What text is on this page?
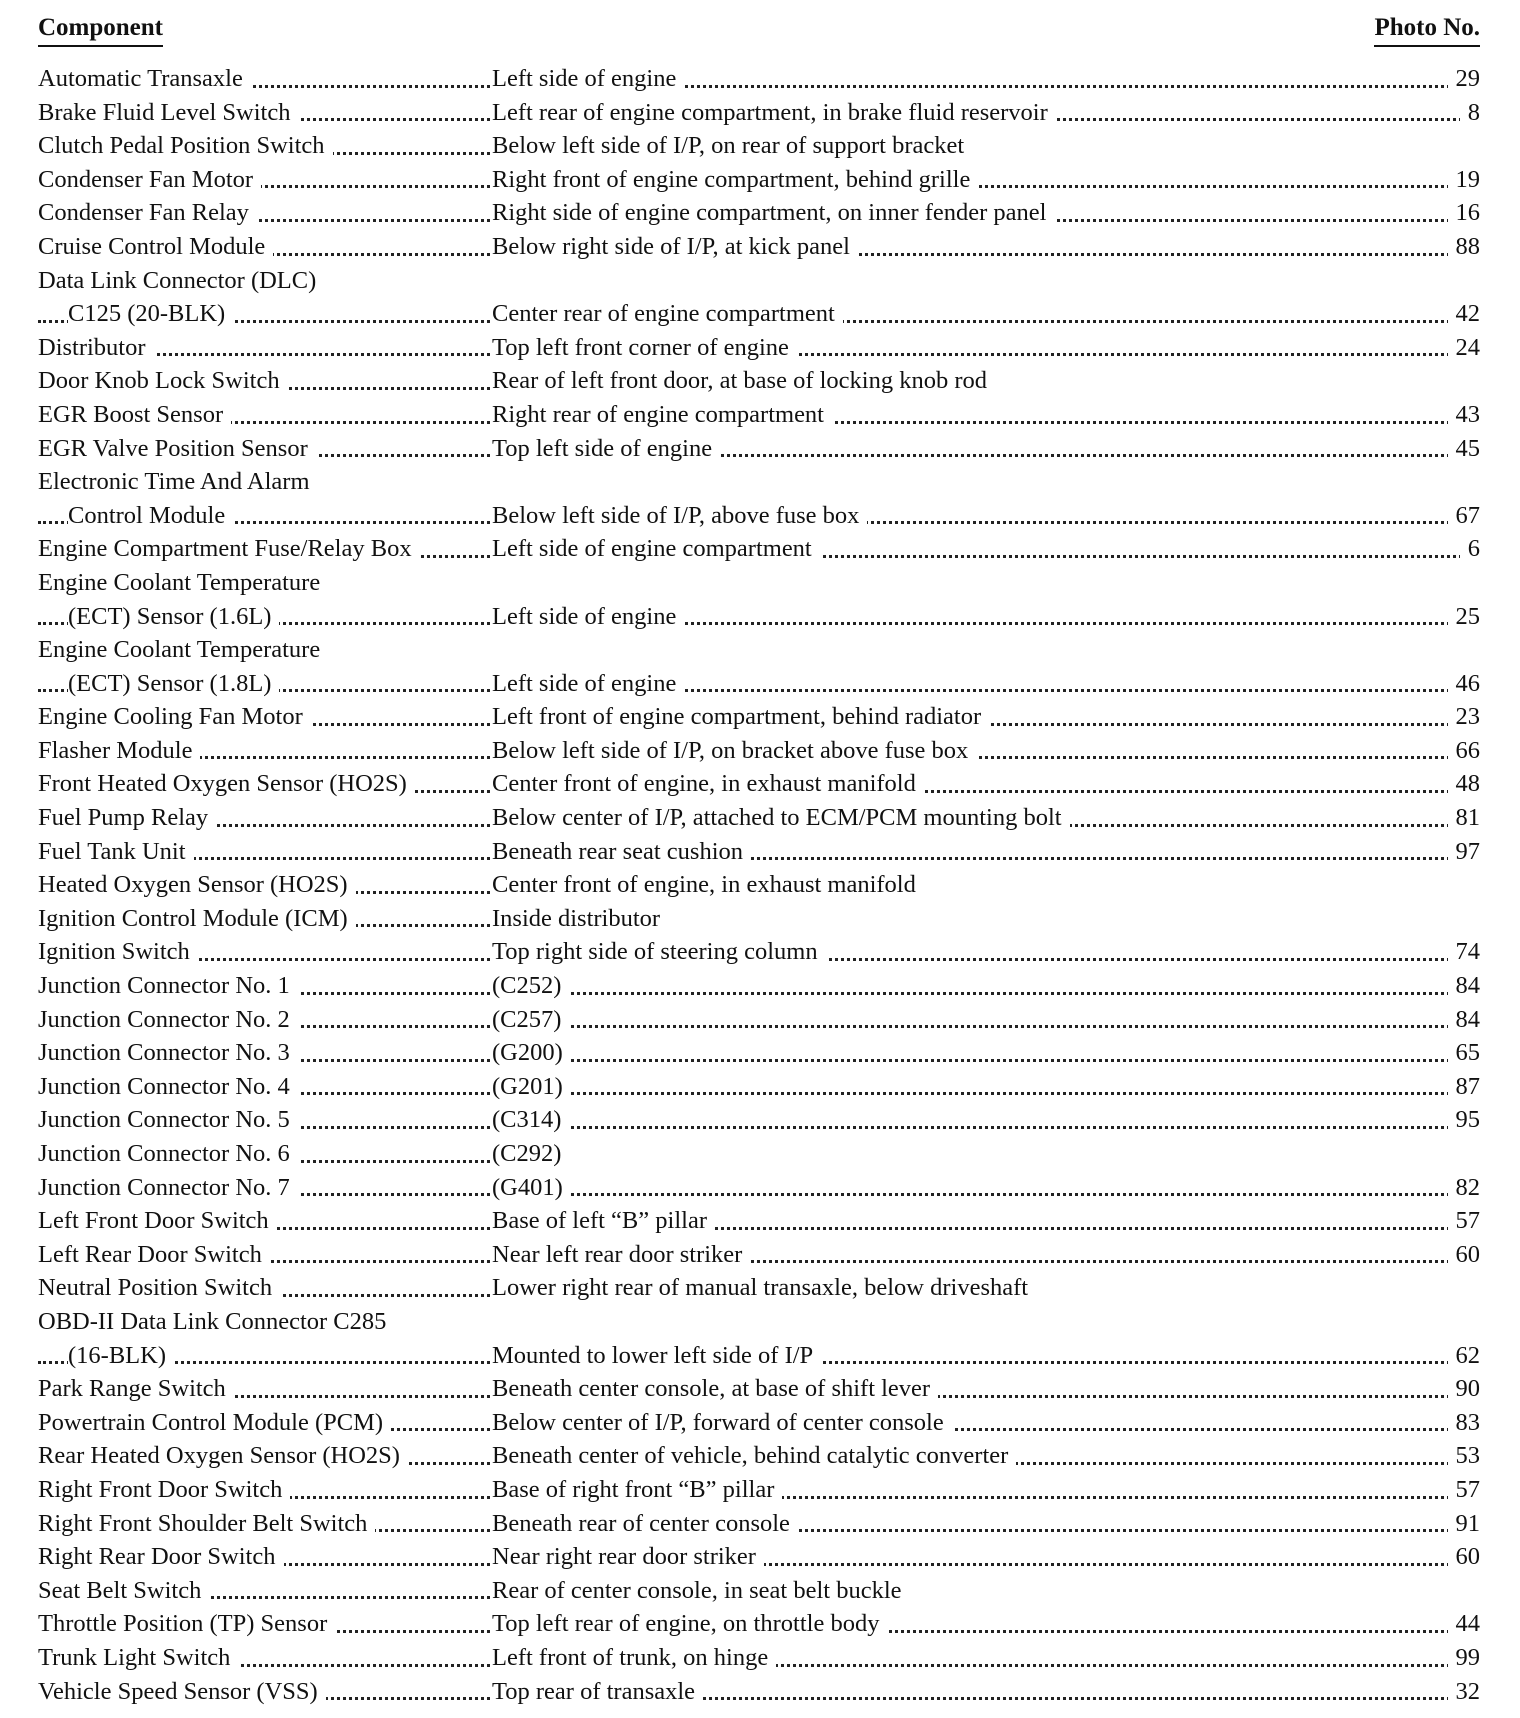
Component	Photo No.
Automatic Transaxle	Left side of engine	29
Brake Fluid Level Switch	Left rear of engine compartment, in brake fluid reservoir	8
Clutch Pedal Position Switch	Below left side of I/P, on rear of support bracket
Condenser Fan Motor	Right front of engine compartment, behind grille	19
Condenser Fan Relay	Right side of engine compartment, on inner fender panel	16
Cruise Control Module	Below right side of I/P, at kick panel	88
Data Link Connector (DLC)
C125 (20-BLK)	Center rear of engine compartment	42
Distributor	Top left front corner of engine	24
Door Knob Lock Switch	Rear of left front door, at base of locking knob rod
EGR Boost Sensor	Right rear of engine compartment	43
EGR Valve Position Sensor	Top left side of engine	45
Electronic Time And Alarm
Control Module	Below left side of I/P, above fuse box	67
Engine Compartment Fuse/Relay Box	Left side of engine compartment	6
Engine Coolant Temperature
(ECT) Sensor (1.6L)	Left side of engine	25
Engine Coolant Temperature
(ECT) Sensor (1.8L)	Left side of engine	46
Engine Cooling Fan Motor	Left front of engine compartment, behind radiator	23
Flasher Module	Below left side of I/P, on bracket above fuse box	66
Front Heated Oxygen Sensor (HO2S)	Center front of engine, in exhaust manifold	48
Fuel Pump Relay	Below center of I/P, attached to ECM/PCM mounting bolt	81
Fuel Tank Unit	Beneath rear seat cushion	97
Heated Oxygen Sensor (HO2S)	Center front of engine, in exhaust manifold
Ignition Control Module (ICM)	Inside distributor
Ignition Switch	Top right side of steering column	74
Junction Connector No. 1	(C252)	84
Junction Connector No. 2	(C257)	84
Junction Connector No. 3	(G200)	65
Junction Connector No. 4	(G201)	87
Junction Connector No. 5	(C314)	95
Junction Connector No. 6	(C292)
Junction Connector No. 7	(G401)	82
Left Front Door Switch	Base of left “B” pillar	57
Left Rear Door Switch	Near left rear door striker	60
Neutral Position Switch	Lower right rear of manual transaxle, below driveshaft
OBD-II Data Link Connector C285
(16-BLK)	Mounted to lower left side of I/P	62
Park Range Switch	Beneath center console, at base of shift lever	90
Powertrain Control Module (PCM)	Below center of I/P, forward of center console	83
Rear Heated Oxygen Sensor (HO2S)	Beneath center of vehicle, behind catalytic converter	53
Right Front Door Switch	Base of right front “B” pillar	57
Right Front Shoulder Belt Switch	Beneath rear of center console	91
Right Rear Door Switch	Near right rear door striker	60
Seat Belt Switch	Rear of center console, in seat belt buckle
Throttle Position (TP) Sensor	Top left rear of engine, on throttle body	44
Trunk Light Switch	Left front of trunk, on hinge	99
Vehicle Speed Sensor (VSS)	Top rear of transaxle	32
